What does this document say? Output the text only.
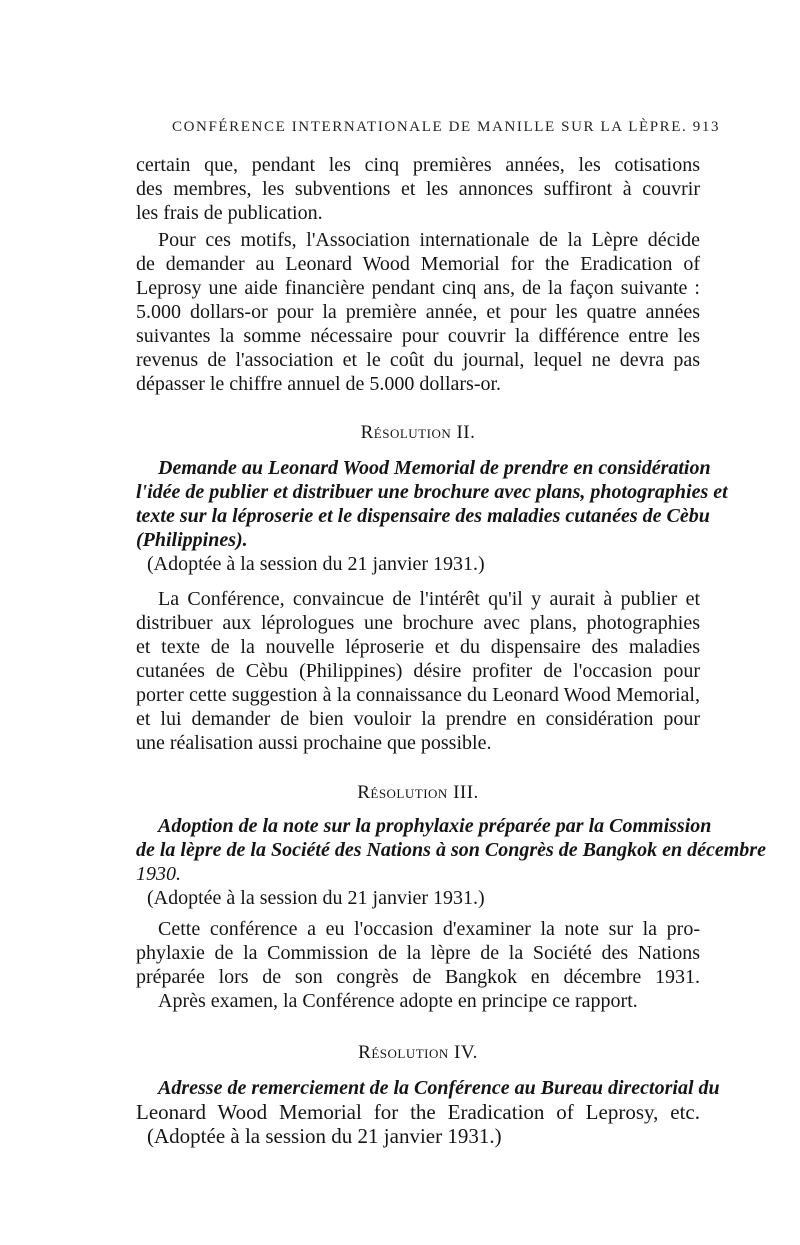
CONFÉRENCE INTERNATIONALE DE MANILLE SUR LA LÈPRE. 913
certain que, pendant les cinq premières années, les cotisations
des membres, les subventions et les annonces suffiront à couvrir
les frais de publication.
Pour ces motifs, l'Association internationale de la Lèpre décide
de demander au Leonard Wood Memorial for the Eradication of
Leprosy une aide financière pendant cinq ans, de la façon suivante :
5.000 dollars-or pour la première année, et pour les quatre années
suivantes la somme nécessaire pour couvrir la différence entre les
revenus de l'association et le coût du journal, lequel ne devra pas
dépasser le chiffre annuel de 5.000 dollars-or.
Résolution II.
Demande au Leonard Wood Memorial de prendre en considération
l'idée de publier et distribuer une brochure avec plans, photographies et
texte sur la léproserie et le dispensaire des maladies cutanées de Cèbu
(Philippines).
(Adoptée à la session du 21 janvier 1931.)
La Conférence, convaincue de l'intérêt qu'il y aurait à publier et
distribuer aux léprologues une brochure avec plans, photographies
et texte de la nouvelle léproserie et du dispensaire des maladies
cutanées de Cèbu (Philippines) désire profiter de l'occasion pour
porter cette suggestion à la connaissance du Leonard Wood Memorial,
et lui demander de bien vouloir la prendre en considération pour
une réalisation aussi prochaine que possible.
Résolution III.
Adoption de la note sur la prophylaxie préparée par la Commission
de la lèpre de la Société des Nations à son Congrès de Bangkok en décembre
1930.
(Adoptée à la session du 21 janvier 1931.)
Cette conférence a eu l'occasion d'examiner la note sur la pro-
phylaxie de la Commission de la lèpre de la Société des Nations
préparée lors de son congrès de Bangkok en décembre 1931.
Après examen, la Conférence adopte en principe ce rapport.
Résolution IV.
Adresse de remerciement de la Conférence au Bureau directorial du
Leonard Wood Memorial for the Eradication of Leprosy, etc.
(Adoptée à la session du 21 janvier 1931.)
